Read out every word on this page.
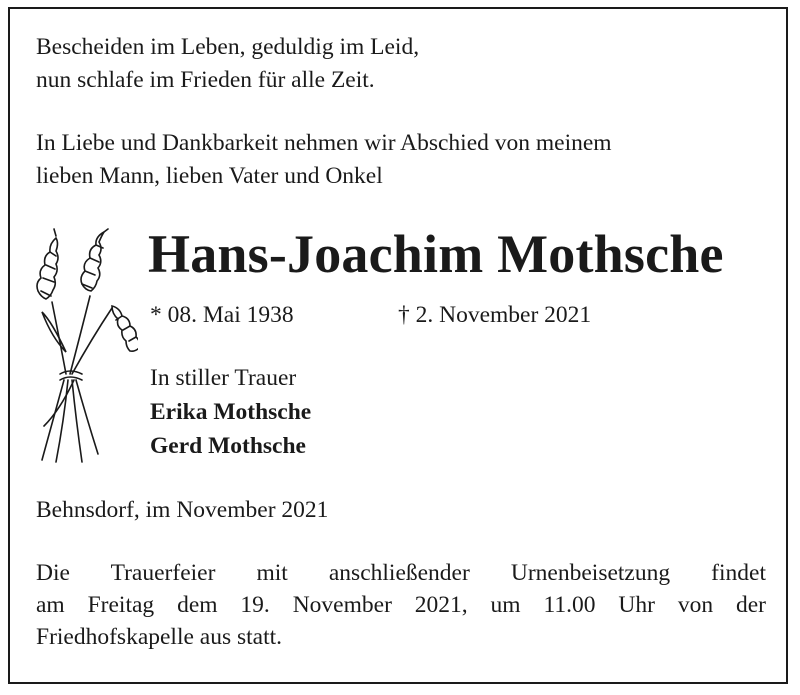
Bescheiden im Leben, geduldig im Leid,

nun schlafe im Frieden für alle Zeit.

In Liebe und Dankbarkeit nehmen wir Abschied von meinem

lieben Mann, lieben Vater und Onkel

Hans-Joachim Mothsche

* 08. Mai 1938	† 2. November 2021

In stiller Trauer

Erika Mothsche

Gerd Mothsche

Behnsdorf, im November 2021

Die Trauerfeier mit anschließender Urnenbeisetzung findet
am Freitag dem 19. November 2021, um 11.00 Uhr von der
Friedhofskapelle aus statt.
